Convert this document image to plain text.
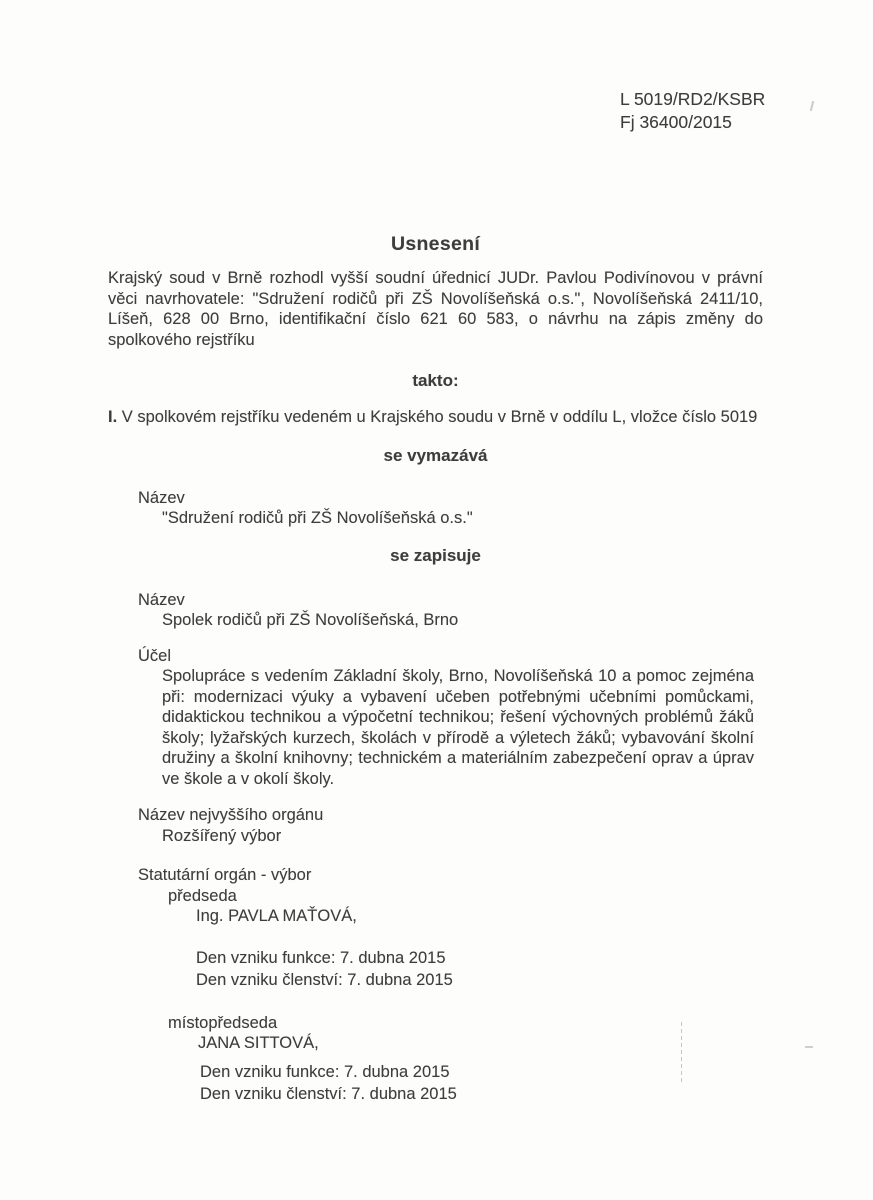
L 5019/RD2/KSBR
Fj 36400/2015
Usnesení

Krajský soud v Brně rozhodl vyšší soudní úřednicí JUDr. Pavlou Podivínovou v právní věci navrhovatele: "Sdružení rodičů při ZŠ Novolíšeňská o.s.", Novolíšeňská 2411/10, Líšeň, 628 00 Brno, identifikační číslo 621 60 583, o návrhu na zápis změny do spolkového rejstříku

takto:

I. V spolkovém rejstříku vedeném u Krajského soudu v Brně v oddílu L, vložce číslo 5019

se vymazává
Název
"Sdružení rodičů při ZŠ Novolíšeňská o.s."
se zapisuje
Název
Spolek rodičů při ZŠ Novolíšeňská, Brno
Účel
Spolupráce s vedením Základní školy, Brno, Novolíšeňská 10 a pomoc zejména při: modernizaci výuky a vybavení učeben potřebnými učebními pomůckami, didaktickou technikou a výpočetní technikou; řešení výchovných problémů žáků školy; lyžařských kurzech, školách v přírodě a výletech žáků; vybavování školní družiny a školní knihovny; technickém a materiálním zabezpečení oprav a úprav ve škole a v okolí školy.
Název nejvyššího orgánu
Rozšířený výbor
Statutární orgán - výbor
předseda
Ing. PAVLA MAŤOVÁ,
Den vzniku funkce: 7. dubna 2015
Den vzniku členství: 7. dubna 2015
místopředseda
JANA SITTOVÁ,
Den vzniku funkce: 7. dubna 2015
Den vzniku členství: 7. dubna 2015
